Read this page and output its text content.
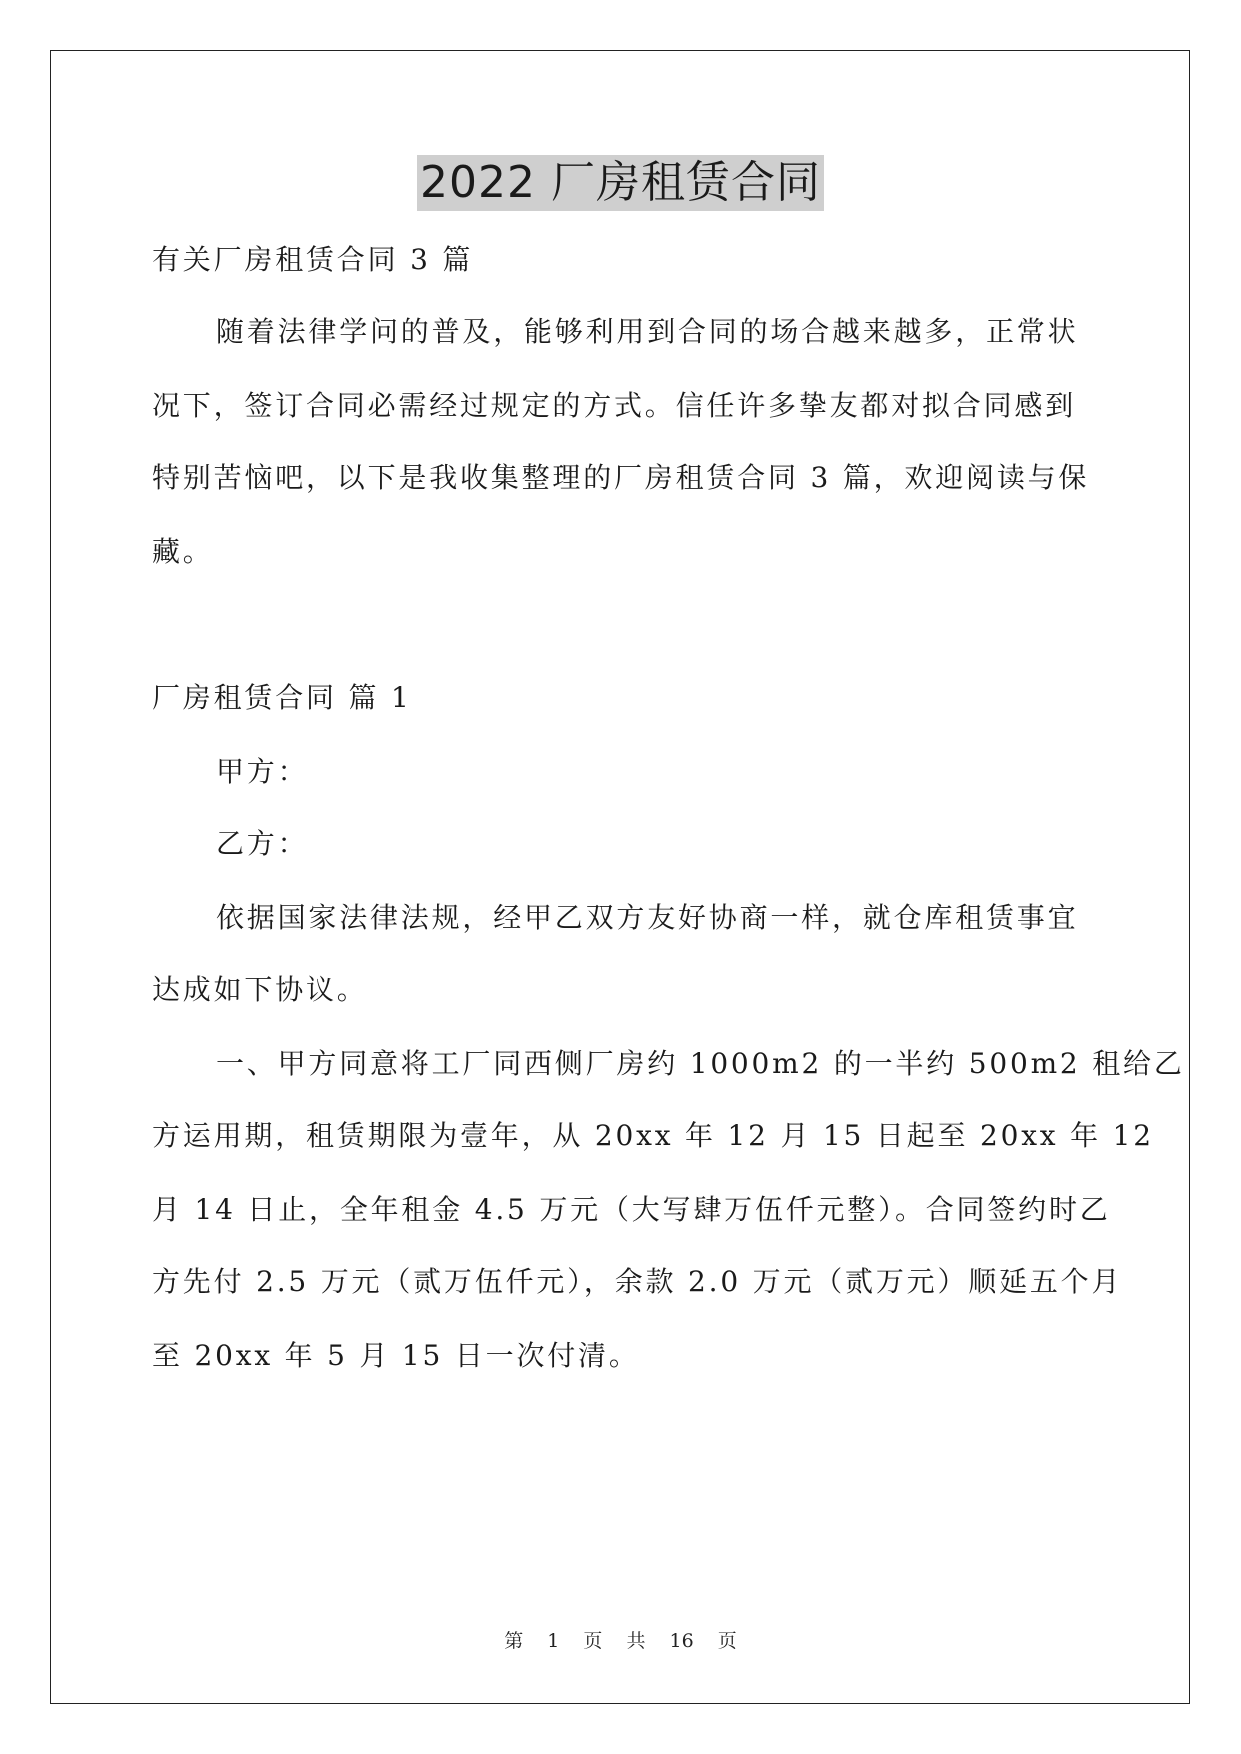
2022 厂房租赁合同
有关厂房租赁合同 3 篇
随着法律学问的普及，能够利用到合同的场合越来越多，正常状
况下，签订合同必需经过规定的方式。信任许多挚友都对拟合同感到
特别苦恼吧，以下是我收集整理的厂房租赁合同 3 篇，欢迎阅读与保
藏。
厂房租赁合同 篇 1
甲方：
乙方：
依据国家法律法规，经甲乙双方友好协商一样，就仓库租赁事宜
达成如下协议。
一、甲方同意将工厂同西侧厂房约 1000m2 的一半约 500m2 租给乙
方运用期，租赁期限为壹年，从 20xx 年 12 月 15 日起至 20xx 年 12
月 14 日止，全年租金 4.5 万元（大写肆万伍仟元整）。合同签约时乙
方先付 2.5 万元（贰万伍仟元），余款 2.0 万元（贰万元）顺延五个月
至 20xx 年 5 月 15 日一次付清。
第 1 页 共 16 页
